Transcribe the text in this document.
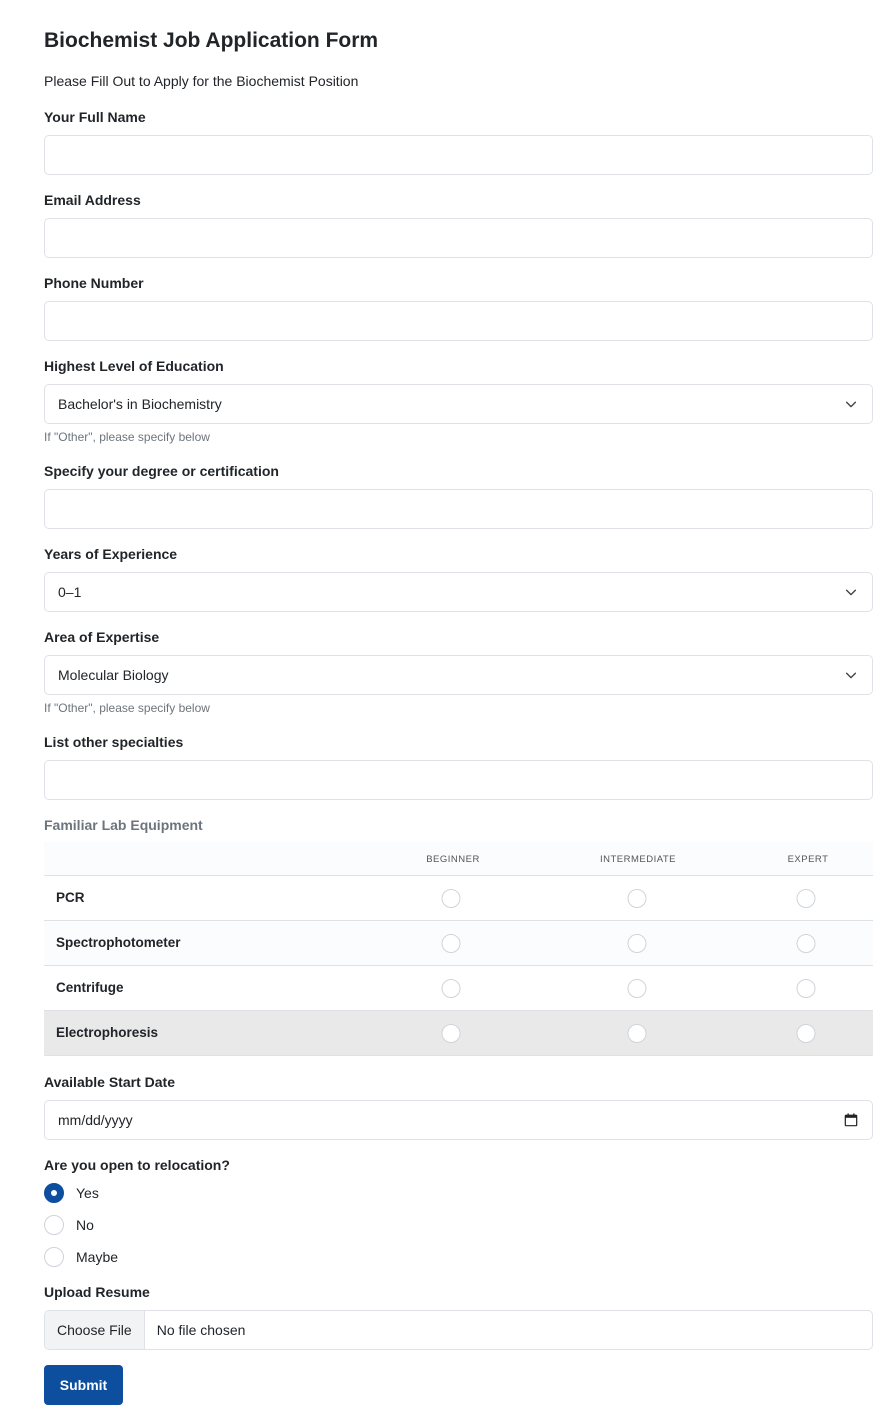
Biochemist Job Application Form
Please Fill Out to Apply for the Biochemist Position
Your Full Name
Email Address
Phone Number
Highest Level of Education
Bachelor's in Biochemistry
If "Other", please specify below
Specify your degree or certification
Years of Experience
0–1
Area of Expertise
Molecular Biology
If "Other", please specify below
List other specialties
Familiar Lab Equipment
BEGINNER	INTERMEDIATE	EXPERT
PCR
Spectrophotometer
Centrifuge
Electrophoresis
Available Start Date
mm/dd/yyyy
Are you open to relocation?
Yes
No
Maybe
Upload Resume
Choose File	No file chosen
Submit
